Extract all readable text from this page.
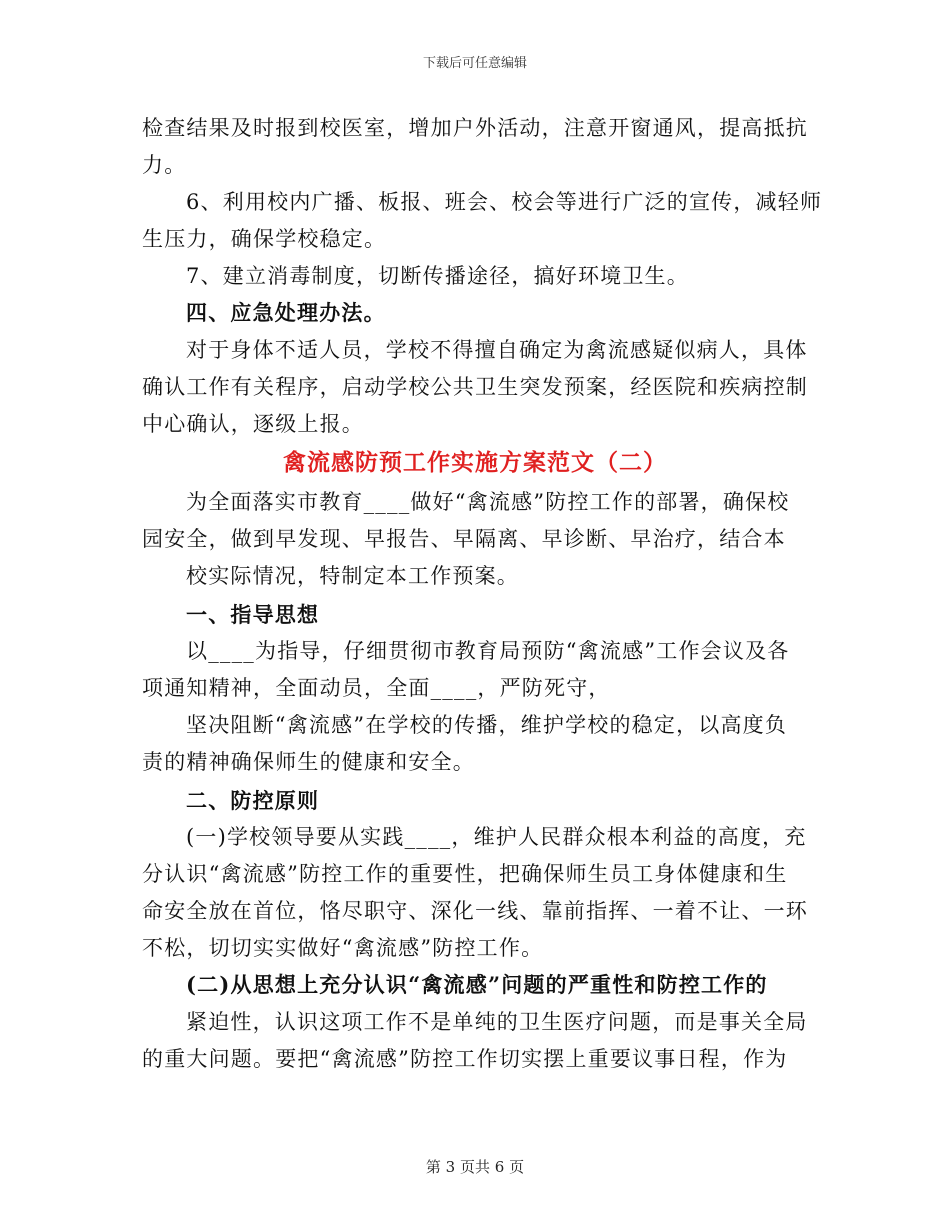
下载后可任意编辑
检查结果及时报到校医室，增加户外活动，注意开窗通风，提高抵抗
力。
6、利用校内广播、板报、班会、校会等进行广泛的宣传，减轻师
生压力，确保学校稳定。
7、建立消毒制度，切断传播途径，搞好环境卫生。
四、应急处理办法。
对于身体不适人员，学校不得擅自确定为禽流感疑似病人，具体
确认工作有关程序，启动学校公共卫生突发预案，经医院和疾病控制
中心确认，逐级上报。
禽流感防预工作实施方案范文（二）
为全面落实市教育____做好“禽流感”防控工作的部署，确保校
园安全，做到早发现、早报告、早隔离、早诊断、早治疗，结合本
校实际情况，特制定本工作预案。
一、指导思想
以____为指导，仔细贯彻市教育局预防“禽流感”工作会议及各
项通知精神，全面动员，全面____，严防死守，
坚决阻断“禽流感”在学校的传播，维护学校的稳定，以高度负
责的精神确保师生的健康和安全。
二、防控原则
(一)学校领导要从实践____，维护人民群众根本利益的高度，充
分认识“禽流感”防控工作的重要性，把确保师生员工身体健康和生
命安全放在首位，恪尽职守、深化一线、靠前指挥、一着不让、一环
不松，切切实实做好“禽流感”防控工作。
(二)从思想上充分认识“禽流感”问题的严重性和防控工作的
紧迫性，认识这项工作不是单纯的卫生医疗问题，而是事关全局
的重大问题。要把“禽流感”防控工作切实摆上重要议事日程，作为
第 3 页共 6 页
